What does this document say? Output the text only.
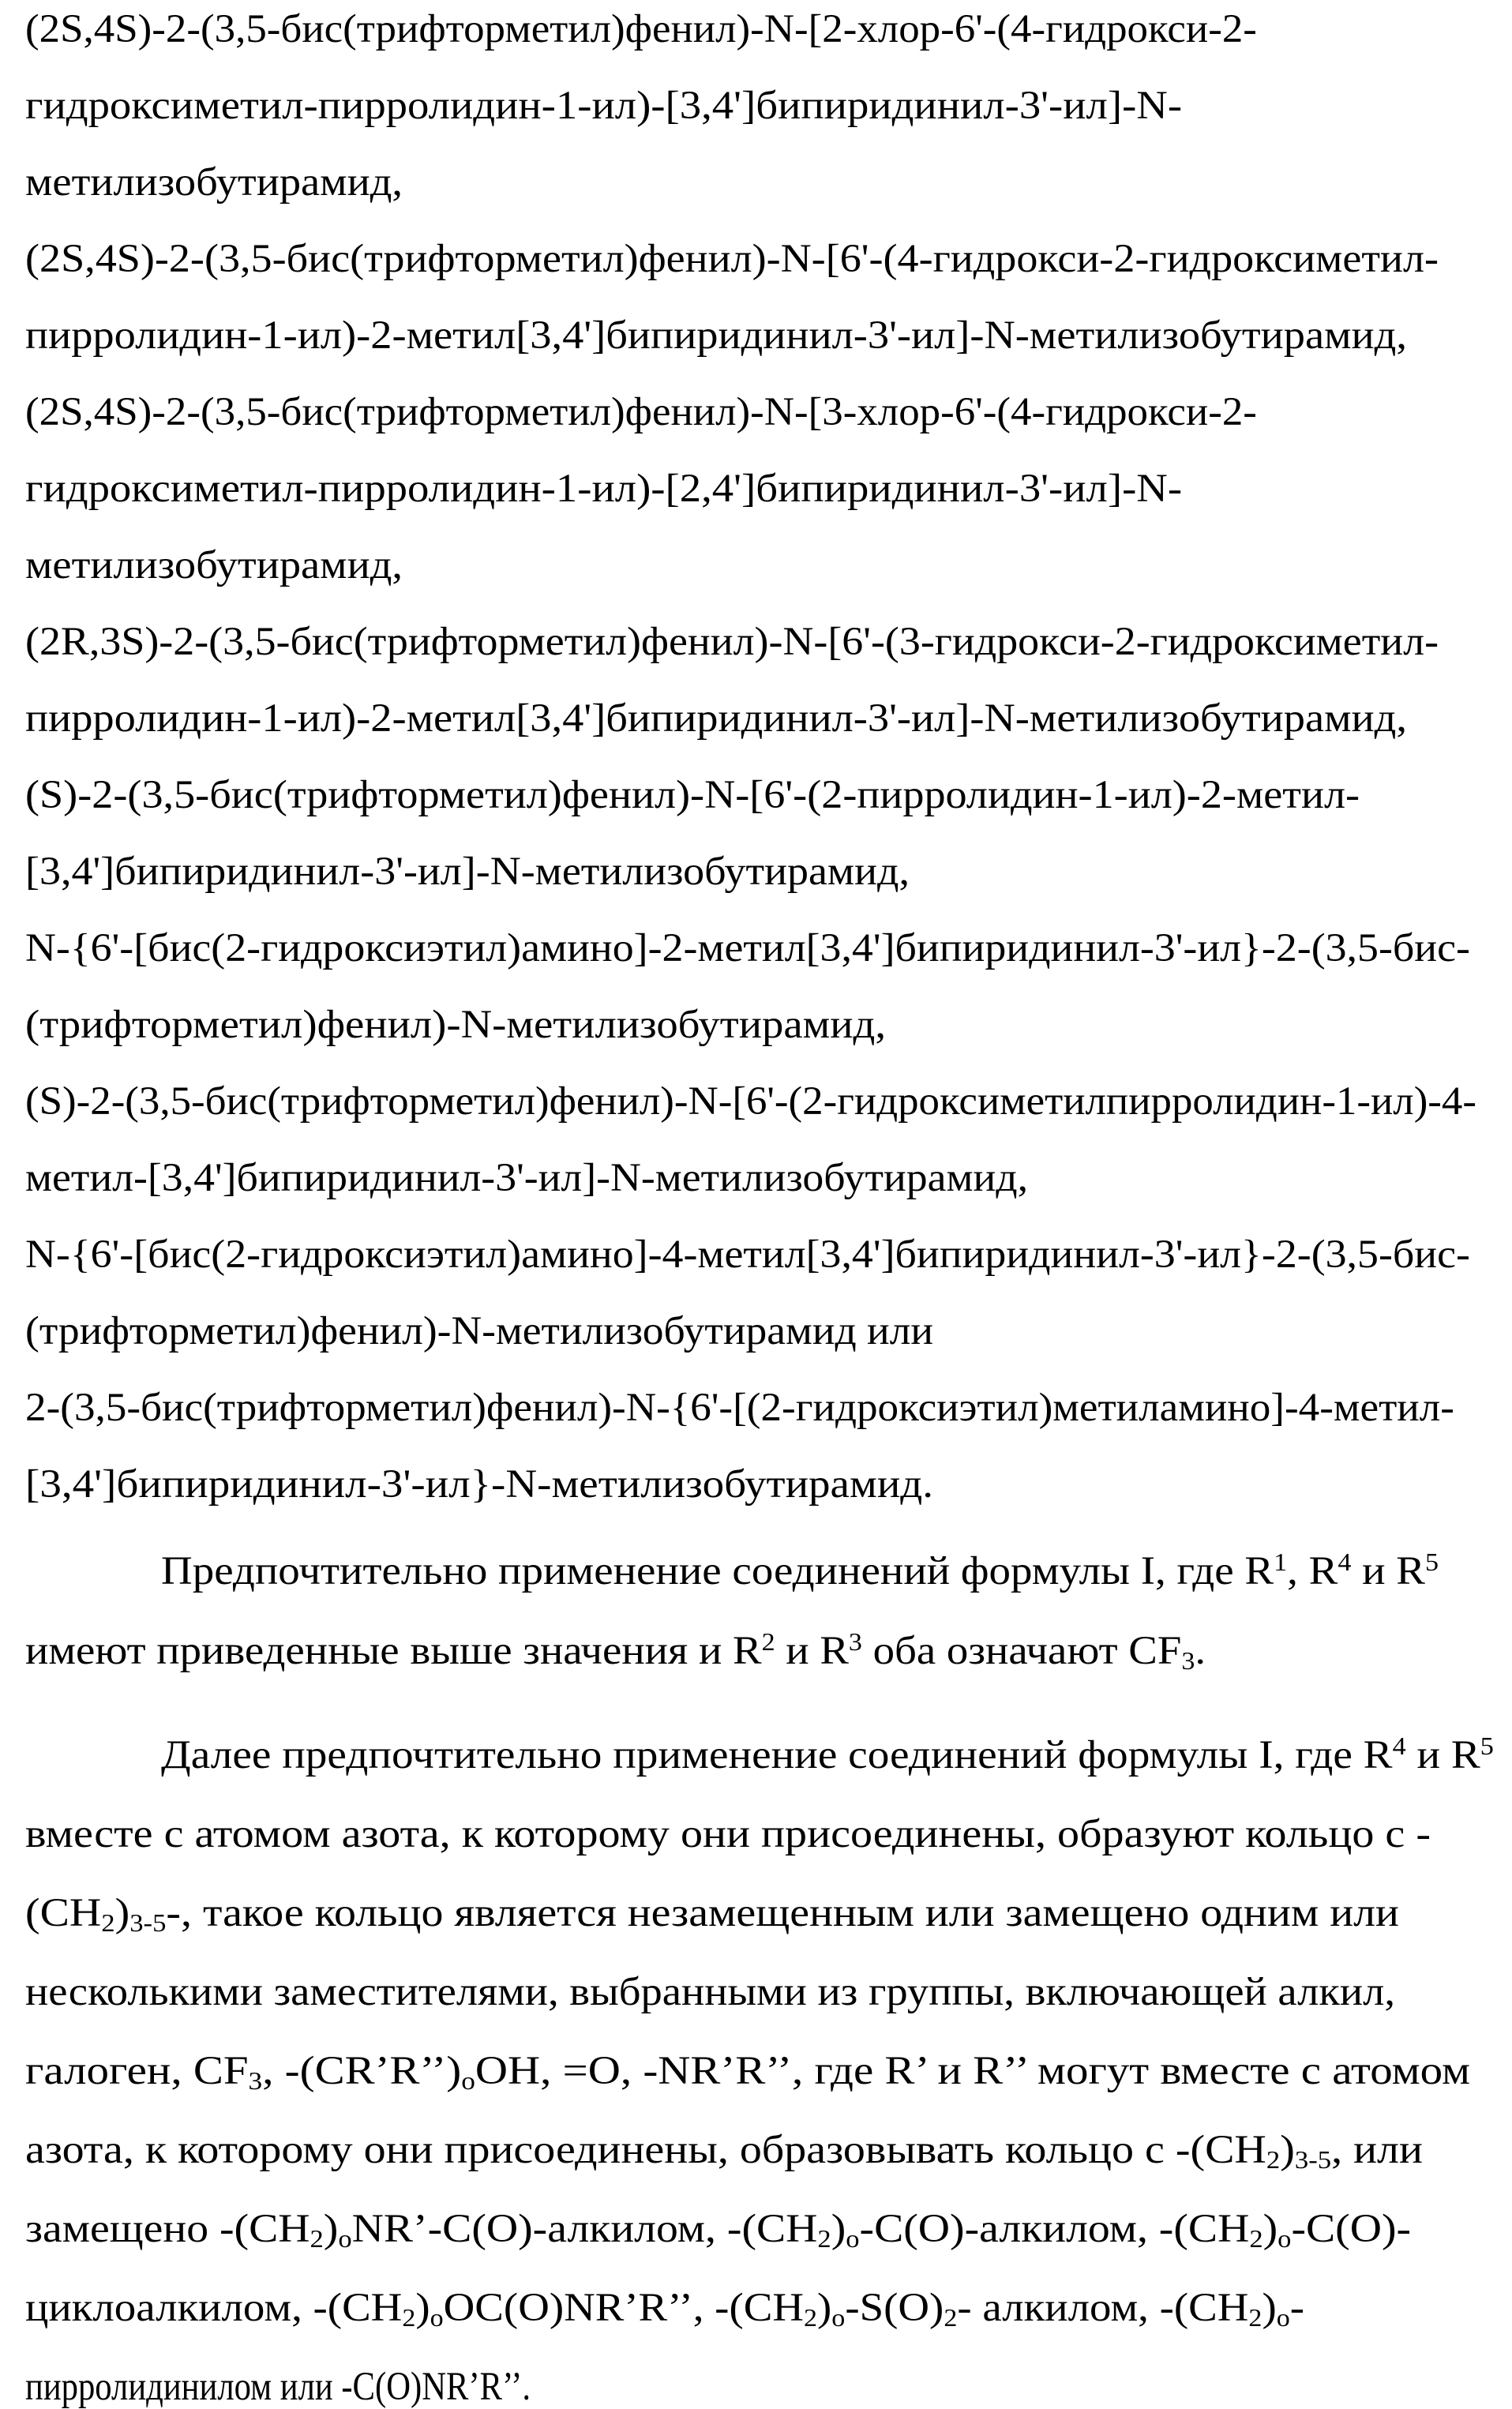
(2S,4S)-2-(3,5-бис(трифторметил)фенил)-N-[2-хлор-6'-(4-гидрокси-2-
гидроксиметил-пирролидин-1-ил)-[3,4']бипиридинил-3'-ил]-N-
метилизобутирамид,
(2S,4S)-2-(3,5-бис(трифторметил)фенил)-N-[6'-(4-гидрокси-2-гидроксиметил-
пирролидин-1-ил)-2-метил[3,4']бипиридинил-3'-ил]-N-метилизобутирамид,
(2S,4S)-2-(3,5-бис(трифторметил)фенил)-N-[3-хлор-6'-(4-гидрокси-2-
гидроксиметил-пирролидин-1-ил)-[2,4']бипиридинил-3'-ил]-N-
метилизобутирамид,
(2R,3S)-2-(3,5-бис(трифторметил)фенил)-N-[6'-(3-гидрокси-2-гидроксиметил-
пирролидин-1-ил)-2-метил[3,4']бипиридинил-3'-ил]-N-метилизобутирамид,
(S)-2-(3,5-бис(трифторметил)фенил)-N-[6'-(2-пирролидин-1-ил)-2-метил-
[3,4']бипиридинил-3'-ил]-N-метилизобутирамид,
N-{6'-[бис(2-гидроксиэтил)амино]-2-метил[3,4']бипиридинил-3'-ил}-2-(3,5-бис-
(трифторметил)фенил)-N-метилизобутирамид,
(S)-2-(3,5-бис(трифторметил)фенил)-N-[6'-(2-гидроксиметилпирролидин-1-ил)-4-
метил-[3,4']бипиридинил-3'-ил]-N-метилизобутирамид,
N-{6'-[бис(2-гидроксиэтил)амино]-4-метил[3,4']бипиридинил-3'-ил}-2-(3,5-бис-
(трифторметил)фенил)-N-метилизобутирамид или
2-(3,5-бис(трифторметил)фенил)-N-{6'-[(2-гидроксиэтил)метиламино]-4-метил-
[3,4']бипиридинил-3'-ил}-N-метилизобутирамид.
Предпочтительно применение соединений формулы I, где $R^1$, $R^4$ и $R^5$
имеют приведенные выше значения и $R^2$ и $R^3$ оба означают $CF_3$.
Далее предпочтительно применение соединений формулы I, где $R^4$ и $R^5$
вместе с атомом азота, к которому они присоединены, образуют кольцо с -
$(CH_2)_{3-5}-$, такое кольцо является незамещенным или замещено одним или
несколькими заместителями, выбранными из группы, включающей алкил,
галоген, $CF_3$, $-(CR’R’’)_oOH$, =O, -NR’R’’, где R’ и R’’ могут вместе с атомом
азота, к которому они присоединены, образовывать кольцо с $-(CH_2)_{3-5}$, или
замещено $-(CH_2)_oNR’-C(O)$-алкилом, $-(CH_2)_o-C(O)$-алкилом, $-(CH_2)_o-C(O)-$
циклоалкилом, $-(CH_2)_oOC(O)NR’R$’’, $-(CH_2)_o-S(O)_2-$ алкилом, $-(CH_2)_o-$
пирролидинилом или -C(O)NR’R’’.
